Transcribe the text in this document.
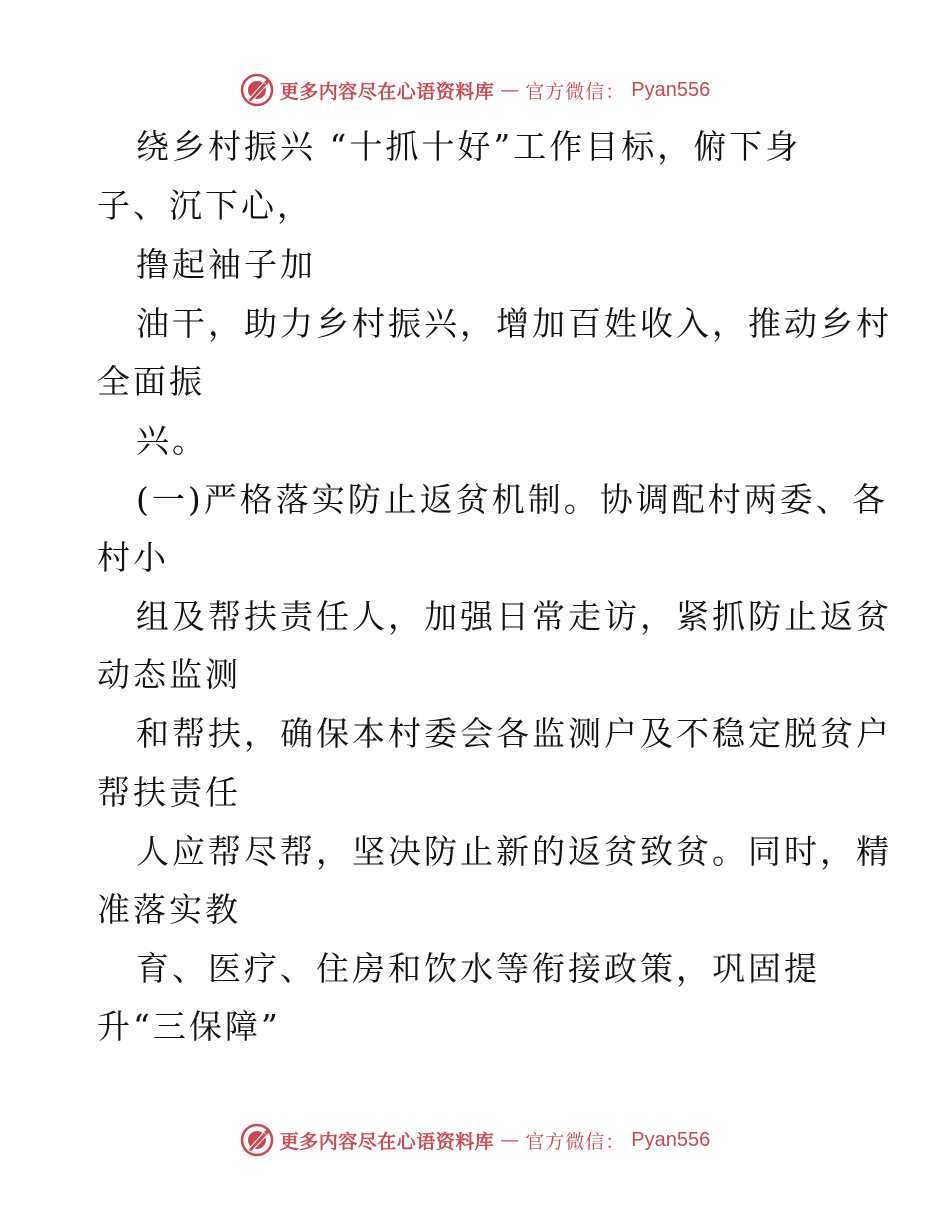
更多内容尽在心语资料库 — 官方微信： Pyan556
绕乡村振兴 “十抓十好”工作目标，俯下身
子、沉下心，
撸起袖子加
油干，助力乡村振兴，增加百姓收入，推动乡村
全面振
兴。
(一)严格落实防止返贫机制。协调配村两委、各
村小
组及帮扶责任人，加强日常走访，紧抓防止返贫
动态监测
和帮扶，确保本村委会各监测户及不稳定脱贫户
帮扶责任
人应帮尽帮，坚决防止新的返贫致贫。同时，精
准落实教
育、医疗、住房和饮水等衔接政策，巩固提
升“三保障”
更多内容尽在心语资料库 — 官方微信： Pyan556
